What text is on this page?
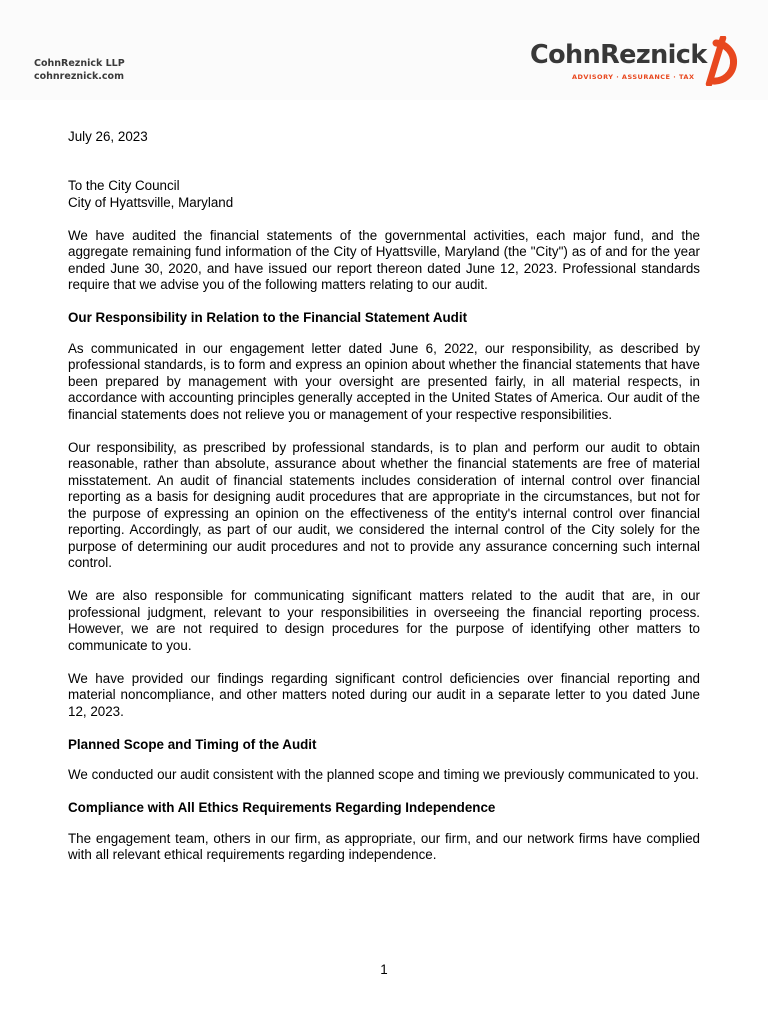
CohnReznick LLP
cohnreznick.com
CohnReznick
ADVISORY · ASSURANCE · TAX

July 26, 2023

To the City Council
City of Hyattsville, Maryland

We have audited the financial statements of the governmental activities, each major fund, and the aggregate remaining fund information of the City of Hyattsville, Maryland (the "City") as of and for the year ended June 30, 2020, and have issued our report thereon dated June 12, 2023. Professional standards require that we advise you of the following matters relating to our audit.

Our Responsibility in Relation to the Financial Statement Audit

As communicated in our engagement letter dated June 6, 2022, our responsibility, as described by professional standards, is to form and express an opinion about whether the financial statements that have been prepared by management with your oversight are presented fairly, in all material respects, in accordance with accounting principles generally accepted in the United States of America. Our audit of the financial statements does not relieve you or management of your respective responsibilities.

Our responsibility, as prescribed by professional standards, is to plan and perform our audit to obtain reasonable, rather than absolute, assurance about whether the financial statements are free of material misstatement. An audit of financial statements includes consideration of internal control over financial reporting as a basis for designing audit procedures that are appropriate in the circumstances, but not for the purpose of expressing an opinion on the effectiveness of the entity's internal control over financial reporting. Accordingly, as part of our audit, we considered the internal control of the City solely for the purpose of determining our audit procedures and not to provide any assurance concerning such internal control.

We are also responsible for communicating significant matters related to the audit that are, in our professional judgment, relevant to your responsibilities in overseeing the financial reporting process. However, we are not required to design procedures for the purpose of identifying other matters to communicate to you.

We have provided our findings regarding significant control deficiencies over financial reporting and material noncompliance, and other matters noted during our audit in a separate letter to you dated June 12, 2023.

Planned Scope and Timing of the Audit

We conducted our audit consistent with the planned scope and timing we previously communicated to you.

Compliance with All Ethics Requirements Regarding Independence

The engagement team, others in our firm, as appropriate, our firm, and our network firms have complied with all relevant ethical requirements regarding independence.

1
